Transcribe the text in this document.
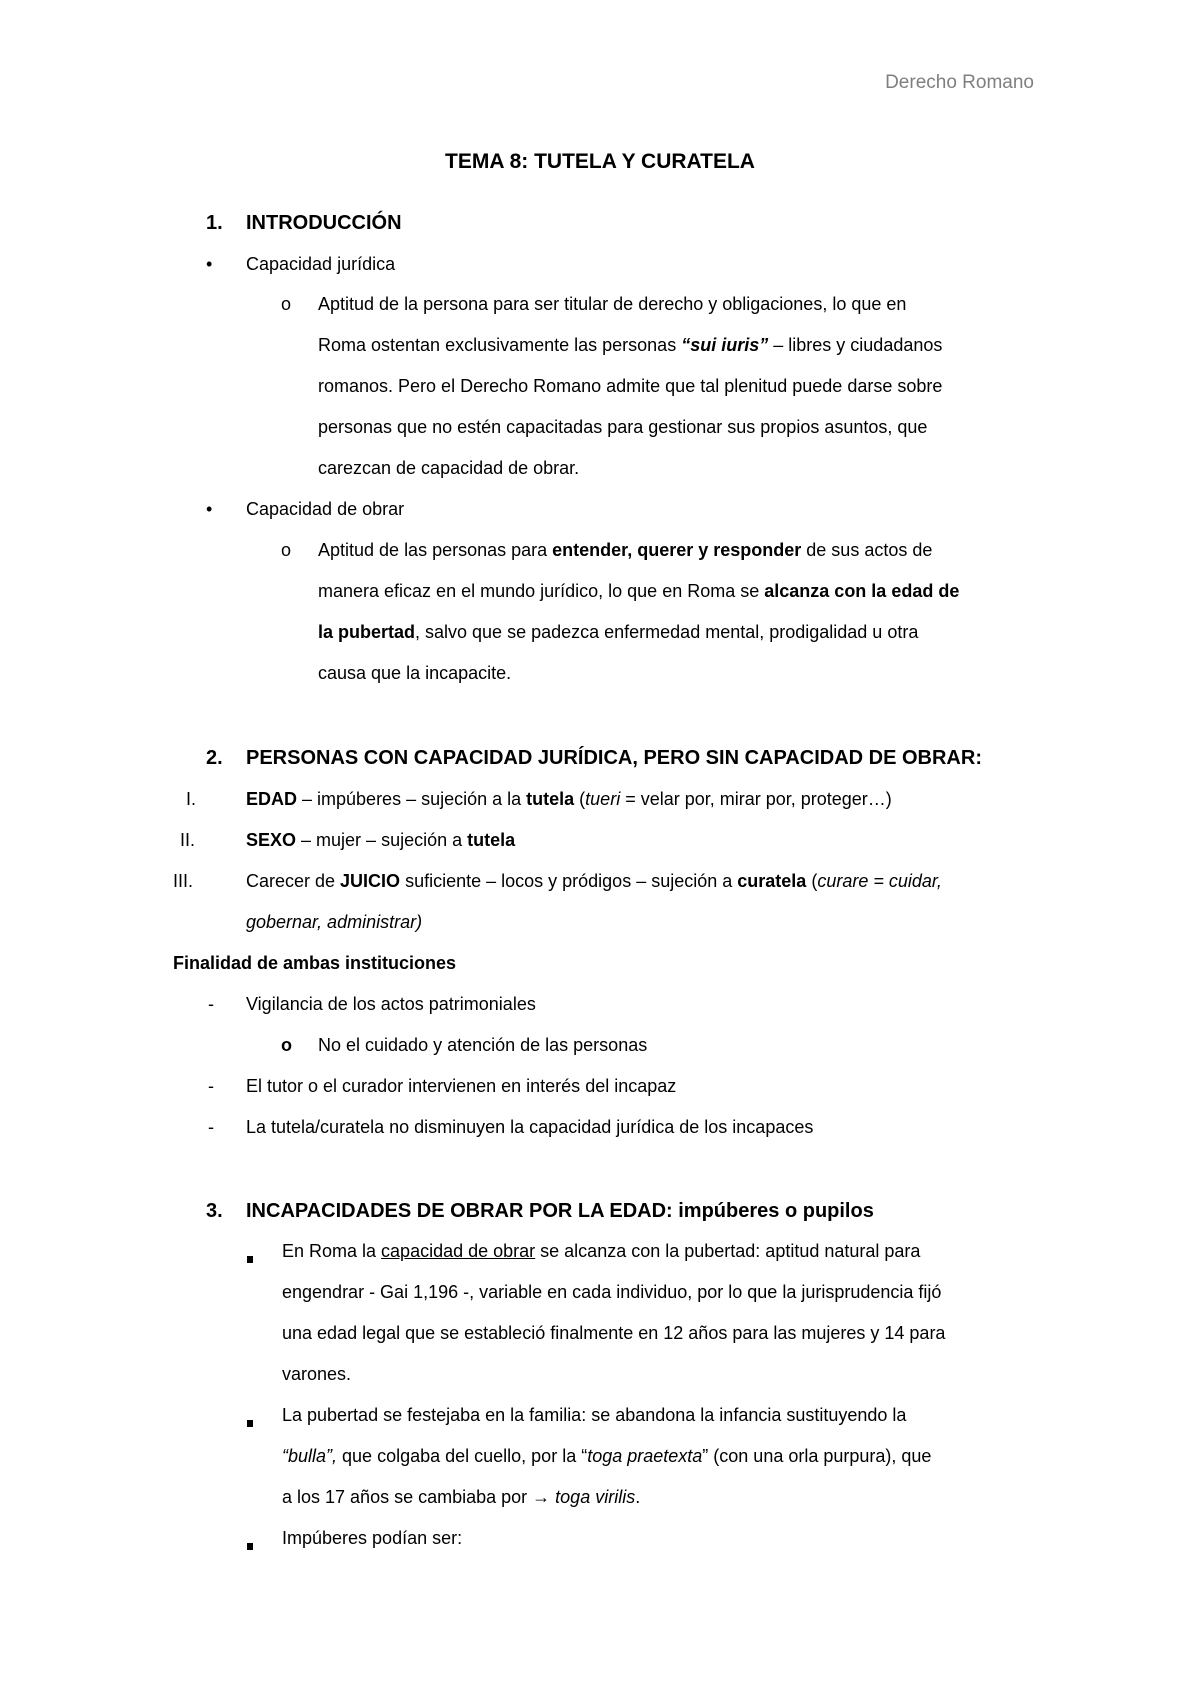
Derecho Romano
TEMA 8: TUTELA Y CURATELA
1. INTRODUCCIÓN
• Capacidad jurídica
o Aptitud de la persona para ser titular de derecho y obligaciones, lo que en
Roma ostentan exclusivamente las personas “sui iuris” – libres y ciudadanos
romanos. Pero el Derecho Romano admite que tal plenitud puede darse sobre
personas que no estén capacitadas para gestionar sus propios asuntos, que
carezcan de capacidad de obrar.
• Capacidad de obrar
o Aptitud de las personas para entender, querer y responder de sus actos de
manera eficaz en el mundo jurídico, lo que en Roma se alcanza con la edad de
la pubertad, salvo que se padezca enfermedad mental, prodigalidad u otra
causa que la incapacite.
2. PERSONAS CON CAPACIDAD JURÍDICA, PERO SIN CAPACIDAD DE OBRAR:
I.	EDAD – impúberes – sujeción a la tutela (tueri = velar por, mirar por, proteger…)
II.	SEXO – mujer – sujeción a tutela
III.	Carecer de JUICIO suficiente – locos y pródigos – sujeción a curatela (curare = cuidar,
gobernar, administrar)
Finalidad de ambas instituciones
- Vigilancia de los actos patrimoniales
o No el cuidado y atención de las personas
- El tutor o el curador intervienen en interés del incapaz
- La tutela/curatela no disminuyen la capacidad jurídica de los incapaces
3. INCAPACIDADES DE OBRAR POR LA EDAD: impúberes o pupilos
En Roma la capacidad de obrar se alcanza con la pubertad: aptitud natural para
engendrar - Gai 1,196 -, variable en cada individuo, por lo que la jurisprudencia fijó
una edad legal que se estableció finalmente en 12 años para las mujeres y 14 para
varones.
La pubertad se festejaba en la familia: se abandona la infancia sustituyendo la
“bulla”, que colgaba del cuello, por la “toga praetexta” (con una orla purpura), que
a los 17 años se cambiaba por → toga virilis.
Impúberes podían ser:
